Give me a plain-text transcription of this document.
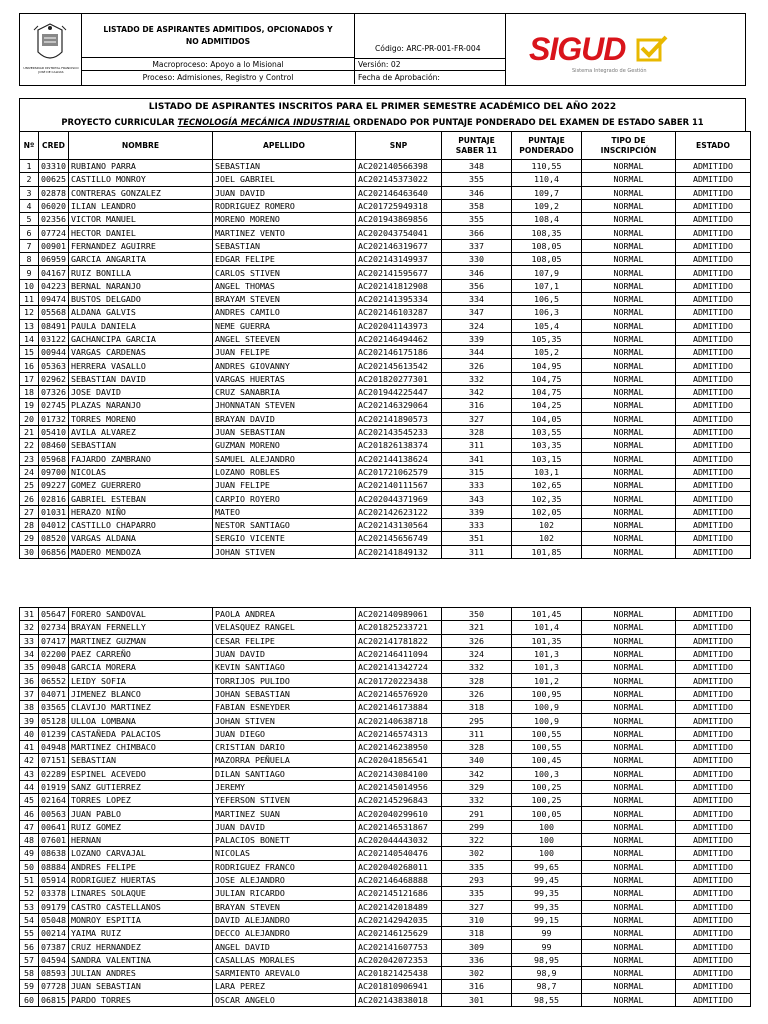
UNIVERSIDAD DISTRITAL FRANCISCO JOSÉ DE CALDAS
LISTADO DE ASPIRANTES ADMITIDOS, OPCIONADOS Y NO ADMITIDOS
Macroproceso: Apoyo a lo Misional
Proceso: Admisiones, Registro y Control
Código: ARC-PR-001-FR-004
Versión: 02
Fecha de Aprobación:
SIGUD
Sistema Integrado de Gestión
LISTADO DE ASPIRANTES INSCRITOS PARA EL PRIMER SEMESTRE ACADÉMICO DEL AÑO 2022
PROYECTO CURRICULAR TECNOLOGÍA MECÁNICA INDUSTRIAL ORDENADO POR PUNTAJE PONDERADO DEL EXAMEN DE ESTADO SABER 11
Nº	CRED	NOMBRE	APELLIDO	SNP	PUNTAJE SABER 11	PUNTAJE PONDERADO	TIPO DE INSCRIPCIÓN	ESTADO
1	03310	RUBIANO PARRA	SEBASTIAN	AC202140566398	348	110,55	NORMAL	ADMITIDO
2	00625	CASTILLO MONROY	JOEL GABRIEL	AC202145373022	355	110,4	NORMAL	ADMITIDO
3	02878	CONTRERAS GONZALEZ	JUAN DAVID	AC202146463640	346	109,7	NORMAL	ADMITIDO
4	06020	ILIAN LEANDRO	RODRIGUEZ ROMERO	AC201725949318	358	109,2	NORMAL	ADMITIDO
5	02356	VICTOR MANUEL	MORENO MORENO	AC201943869856	355	108,4	NORMAL	ADMITIDO
6	07724	HECTOR DANIEL	MARTINEZ VENTO	AC202043754041	366	108,35	NORMAL	ADMITIDO
7	00901	FERNANDEZ AGUIRRE	SEBASTIAN	AC202146319677	337	108,05	NORMAL	ADMITIDO
8	06959	GARCIA ANGARITA	EDGAR FELIPE	AC202143149937	330	108,05	NORMAL	ADMITIDO
9	04167	RUIZ BONILLA	CARLOS STIVEN	AC202141595677	346	107,9	NORMAL	ADMITIDO
10	04223	BERNAL NARANJO	ANGEL THOMAS	AC202141812908	356	107,1	NORMAL	ADMITIDO
11	09474	BUSTOS DELGADO	BRAYAM STEVEN	AC202141395334	334	106,5	NORMAL	ADMITIDO
12	05568	ALDANA GALVIS	ANDRES CAMILO	AC202146103287	347	106,3	NORMAL	ADMITIDO
13	08491	PAULA DANIELA	NEME GUERRA	AC202041143973	324	105,4	NORMAL	ADMITIDO
14	03122	GACHANCIPA GARCIA	ANGEL STEEVEN	AC202146494462	339	105,35	NORMAL	ADMITIDO
15	00944	VARGAS CARDENAS	JUAN FELIPE	AC202146175186	344	105,2	NORMAL	ADMITIDO
16	05363	HERRERA VASALLO	ANDRES GIOVANNY	AC202145613542	326	104,95	NORMAL	ADMITIDO
17	02962	SEBASTIAN DAVID	VARGAS HUERTAS	AC201820277301	332	104,75	NORMAL	ADMITIDO
18	07326	JOSE DAVID	CRUZ SANABRIA	AC201944225447	342	104,75	NORMAL	ADMITIDO
19	02745	PLAZAS NARANJO	JHONNATAN STEVEN	AC202146329064	316	104,25	NORMAL	ADMITIDO
20	01732	TORRES MORENO	BRAYAN DAVID	AC202141890573	327	104,05	NORMAL	ADMITIDO
21	05410	AVILA ALVAREZ	JUAN SEBASTIAN	AC202143545233	328	103,55	NORMAL	ADMITIDO
22	08460	SEBASTIAN	GUZMAN MORENO	AC201826138374	311	103,35	NORMAL	ADMITIDO
23	05968	FAJARDO ZAMBRANO	SAMUEL ALEJANDRO	AC202144138624	341	103,15	NORMAL	ADMITIDO
24	09700	NICOLAS	LOZANO ROBLES	AC201721062579	315	103,1	NORMAL	ADMITIDO
25	09227	GOMEZ GUERRERO	JUAN FELIPE	AC202140111567	333	102,65	NORMAL	ADMITIDO
26	02816	GABRIEL ESTEBAN	CARPIO ROYERO	AC202044371969	343	102,35	NORMAL	ADMITIDO
27	01031	HERAZO NIÑO	MATEO	AC202142623122	339	102,05	NORMAL	ADMITIDO
28	04012	CASTILLO CHAPARRO	NESTOR SANTIAGO	AC202143130564	333	102	NORMAL	ADMITIDO
29	08520	VARGAS ALDANA	SERGIO VICENTE	AC202145656749	351	102	NORMAL	ADMITIDO
30	06856	MADERO MENDOZA	JOHAN STIVEN	AC202141849132	311	101,85	NORMAL	ADMITIDO
31	05647	FORERO SANDOVAL	PAOLA ANDREA	AC202140989061	350	101,45	NORMAL	ADMITIDO
32	02734	BRAYAN FERNELLY	VELASQUEZ RANGEL	AC201825233721	321	101,4	NORMAL	ADMITIDO
33	07417	MARTINEZ GUZMAN	CESAR FELIPE	AC202141781822	326	101,35	NORMAL	ADMITIDO
34	02200	PAEZ CARREÑO	JUAN DAVID	AC202146411094	324	101,3	NORMAL	ADMITIDO
35	09048	GARCIA MORERA	KEVIN SANTIAGO	AC202141342724	332	101,3	NORMAL	ADMITIDO
36	06552	LEIDY SOFIA	TORRIJOS PULIDO	AC201720223438	328	101,2	NORMAL	ADMITIDO
37	04071	JIMENEZ BLANCO	JOHAN SEBASTIAN	AC202146576920	326	100,95	NORMAL	ADMITIDO
38	03565	CLAVIJO MARTINEZ	FABIAN ESNEYDER	AC202146173884	318	100,9	NORMAL	ADMITIDO
39	05128	ULLOA LOMBANA	JOHAN STIVEN	AC202140638718	295	100,9	NORMAL	ADMITIDO
40	01239	CASTAÑEDA PALACIOS	JUAN DIEGO	AC202146574313	311	100,55	NORMAL	ADMITIDO
41	04948	MARTINEZ CHIMBACO	CRISTIAN DARIO	AC202146238950	328	100,55	NORMAL	ADMITIDO
42	07151	SEBASTIAN	MAZORRA PEÑUELA	AC202041856541	340	100,45	NORMAL	ADMITIDO
43	02289	ESPINEL ACEVEDO	DILAN SANTIAGO	AC202143084100	342	100,3	NORMAL	ADMITIDO
44	01919	SANZ GUTIERREZ	JEREMY	AC202145014956	329	100,25	NORMAL	ADMITIDO
45	02164	TORRES LOPEZ	YEFERSON STIVEN	AC202145296843	332	100,25	NORMAL	ADMITIDO
46	00563	JUAN PABLO	MARTINEZ SUAN	AC202040299610	291	100,05	NORMAL	ADMITIDO
47	00641	RUIZ GOMEZ	JUAN DAVID	AC202146531867	299	100	NORMAL	ADMITIDO
48	07601	HERNAN	PALACIOS BONETT	AC202044443032	322	100	NORMAL	ADMITIDO
49	08638	LOZANO CARVAJAL	NICOLAS	AC202140540476	302	100	NORMAL	ADMITIDO
50	08884	ANDRES FELIPE	RODRIGUEZ FRANCO	AC202040268011	335	99,65	NORMAL	ADMITIDO
51	05914	RODRIGUEZ HUERTAS	JOSE ALEJANDRO	AC202146468888	293	99,45	NORMAL	ADMITIDO
52	03378	LINARES SOLAQUE	JULIAN RICARDO	AC202145121686	335	99,35	NORMAL	ADMITIDO
53	09179	CASTRO CASTELLANOS	BRAYAN STEVEN	AC202142018489	327	99,35	NORMAL	ADMITIDO
54	05048	MONROY ESPITIA	DAVID ALEJANDRO	AC202142942035	310	99,15	NORMAL	ADMITIDO
55	00214	YAIMA RUIZ	DECCO ALEJANDRO	AC202146125629	318	99	NORMAL	ADMITIDO
56	07387	CRUZ HERNANDEZ	ANGEL DAVID	AC202141607753	309	99	NORMAL	ADMITIDO
57	04594	SANDRA VALENTINA	CASALLAS MORALES	AC202042072353	336	98,95	NORMAL	ADMITIDO
58	08593	JULIAN ANDRES	SARMIENTO AREVALO	AC201821425438	302	98,9	NORMAL	ADMITIDO
59	07728	JUAN SEBASTIAN	LARA PEREZ	AC201810906941	316	98,7	NORMAL	ADMITIDO
60	06815	PARDO TORRES	OSCAR ANGELO	AC202143838018	301	98,55	NORMAL	ADMITIDO
